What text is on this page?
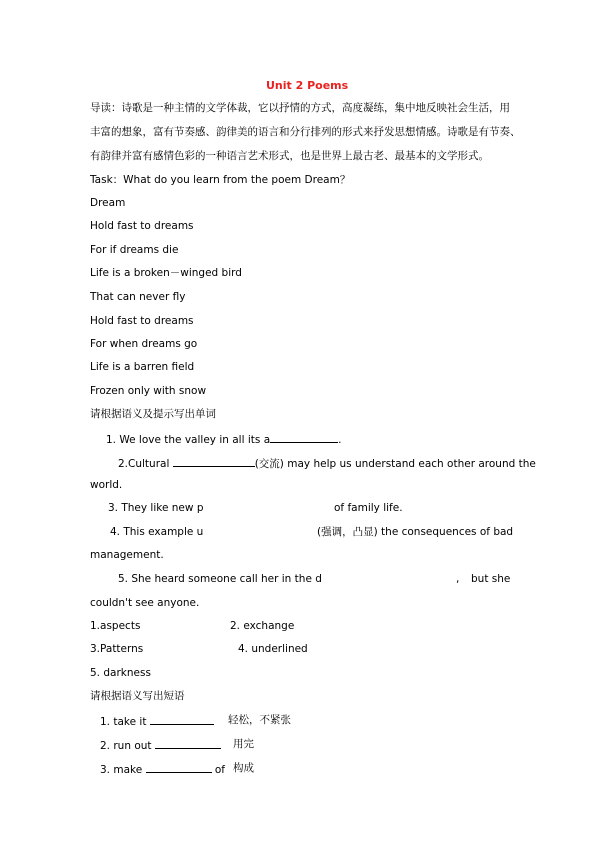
Unit 2 Poems
导读：诗歌是一种主情的文学体裁，它以抒情的方式，高度凝练，集中地反映社会生活，用
丰富的想象，富有节奏感、韵律美的语言和分行排列的形式来抒发思想情感。诗歌是有节奏、
有韵律并富有感情色彩的一种语言艺术形式，也是世界上最古老、最基本的文学形式。
Task：What do you learn from the poem Dream？
Dream
Hold fast to dreams
For if dreams die
Life is a broken－winged bird
That can never fly
Hold fast to dreams
For when dreams go
Life is a barren field
Frozen only with snow
请根据语义及提示写出单词
1. We love the valley in all its a	.
2.Cultural	(交流) may help us understand each other around the
world.
3. They like new p	of family life.
4. This example u	(强调，凸显) the consequences of bad
management.
5. She heard someone call her in the d	, but she
couldn't see anyone.
1.aspects	2. exchange
3.Patterns	4. underlined
5. darkness
请根据语义写出短语
1. take it	轻松，不紧张
2. run out	用完
3. make	of 构成
